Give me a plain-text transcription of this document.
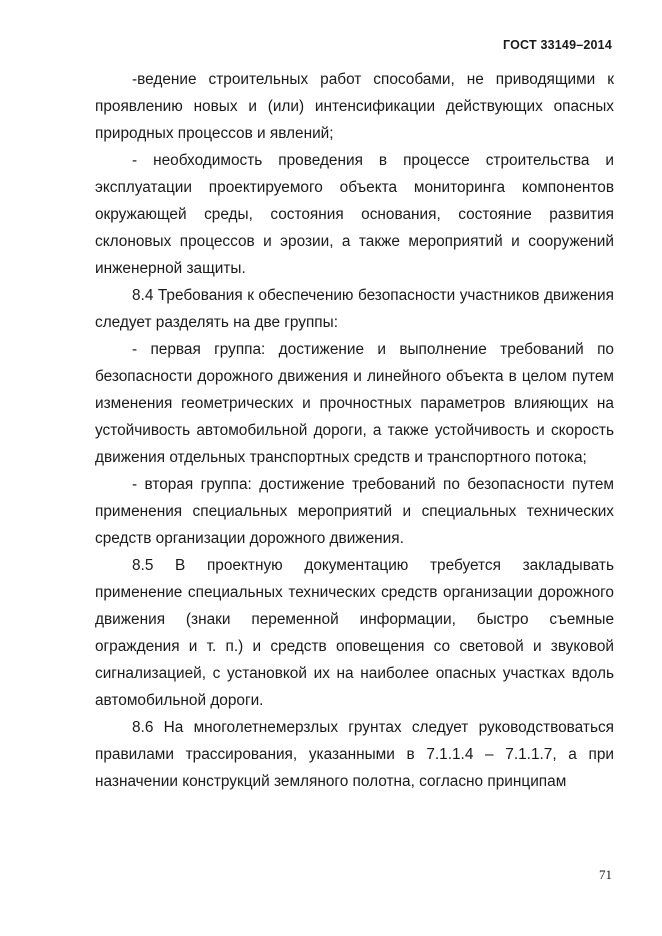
ГОСТ 33149–2014

-ведение строительных работ способами, не приводящими к проявлению новых и (или) интенсификации действующих опасных природных процессов и явлений;

- необходимость проведения в процессе строительства и эксплуатации проектируемого объекта мониторинга компонентов окружающей среды, состояния основания, состояние развития склоновых процессов и эрозии, а также мероприятий и сооружений инженерной защиты.

8.4 Требования к обеспечению безопасности участников движения следует разделять на две группы:

- первая группа: достижение и выполнение требований по безопасности дорожного движения и линейного объекта в целом путем изменения геометрических и прочностных параметров влияющих на устойчивость автомобильной дороги, а также устойчивость и скорость движения отдельных транспортных средств и транспортного потока;

- вторая группа: достижение требований по безопасности путем применения специальных мероприятий и специальных технических средств организации дорожного движения.

8.5 В проектную документацию требуется закладывать применение специальных технических средств организации дорожного движения (знаки переменной информации, быстро съемные ограждения и т. п.) и средств оповещения со световой и звуковой сигнализацией, с установкой их на наиболее опасных участках вдоль автомобильной дороги.

8.6 На многолетнемерзлых грунтах следует руководствоваться правилами трассирования, указанными в 7.1.1.4 – 7.1.1.7, а при назначении конструкций земляного полотна, согласно принципам

71
